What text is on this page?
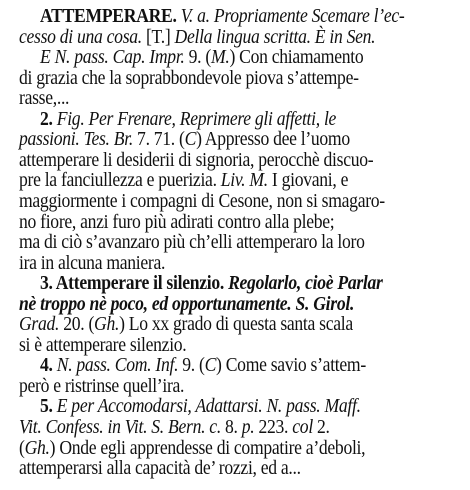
ATTEMPERARE. V. a. Propriamente Scemare l’ec-
cesso di una cosa. [T.] Della lingua scritta. È in Sen.
E N. pass. Cap. Impr. 9. (M.) Con chiamamento
di grazia che la soprabbondevole piova s’attempe-
rasse,...
2. Fig. Per Frenare, Reprimere gli affetti, le
passioni. Tes. Br. 7. 71. (C) Appresso dee l’uomo
attemperare li desiderii di signoria, perocchè discuo-
pre la fanciullezza e puerizia. Liv. M. I giovani, e
maggiormente i compagni di Cesone, non si smagaro-
no fiore, anzi furo più adirati contro alla plebe;
ma di ciò s’avanzaro più ch’elli attemperaro la loro
ira in alcuna maniera.
3. Attemperare il silenzio. Regolarlo, cioè Parlar
nè troppo nè poco, ed opportunamente. S. Girol.
Grad. 20. (Gh.) Lo xx grado di questa santa scala
si è attemperare silenzio.
4. N. pass. Com. Inf. 9. (C) Come savio s’attem-
però e ristrinse quell’ira.
5. E per Accomodarsi, Adattarsi. N. pass. Maff.
Vit. Confess. in Vit. S. Bern. c. 8. p. 223. col 2.
(Gh.) Onde egli apprendesse di compatire a’deboli,
attemperarsi alla capacità de’ rozzi, ed a...
